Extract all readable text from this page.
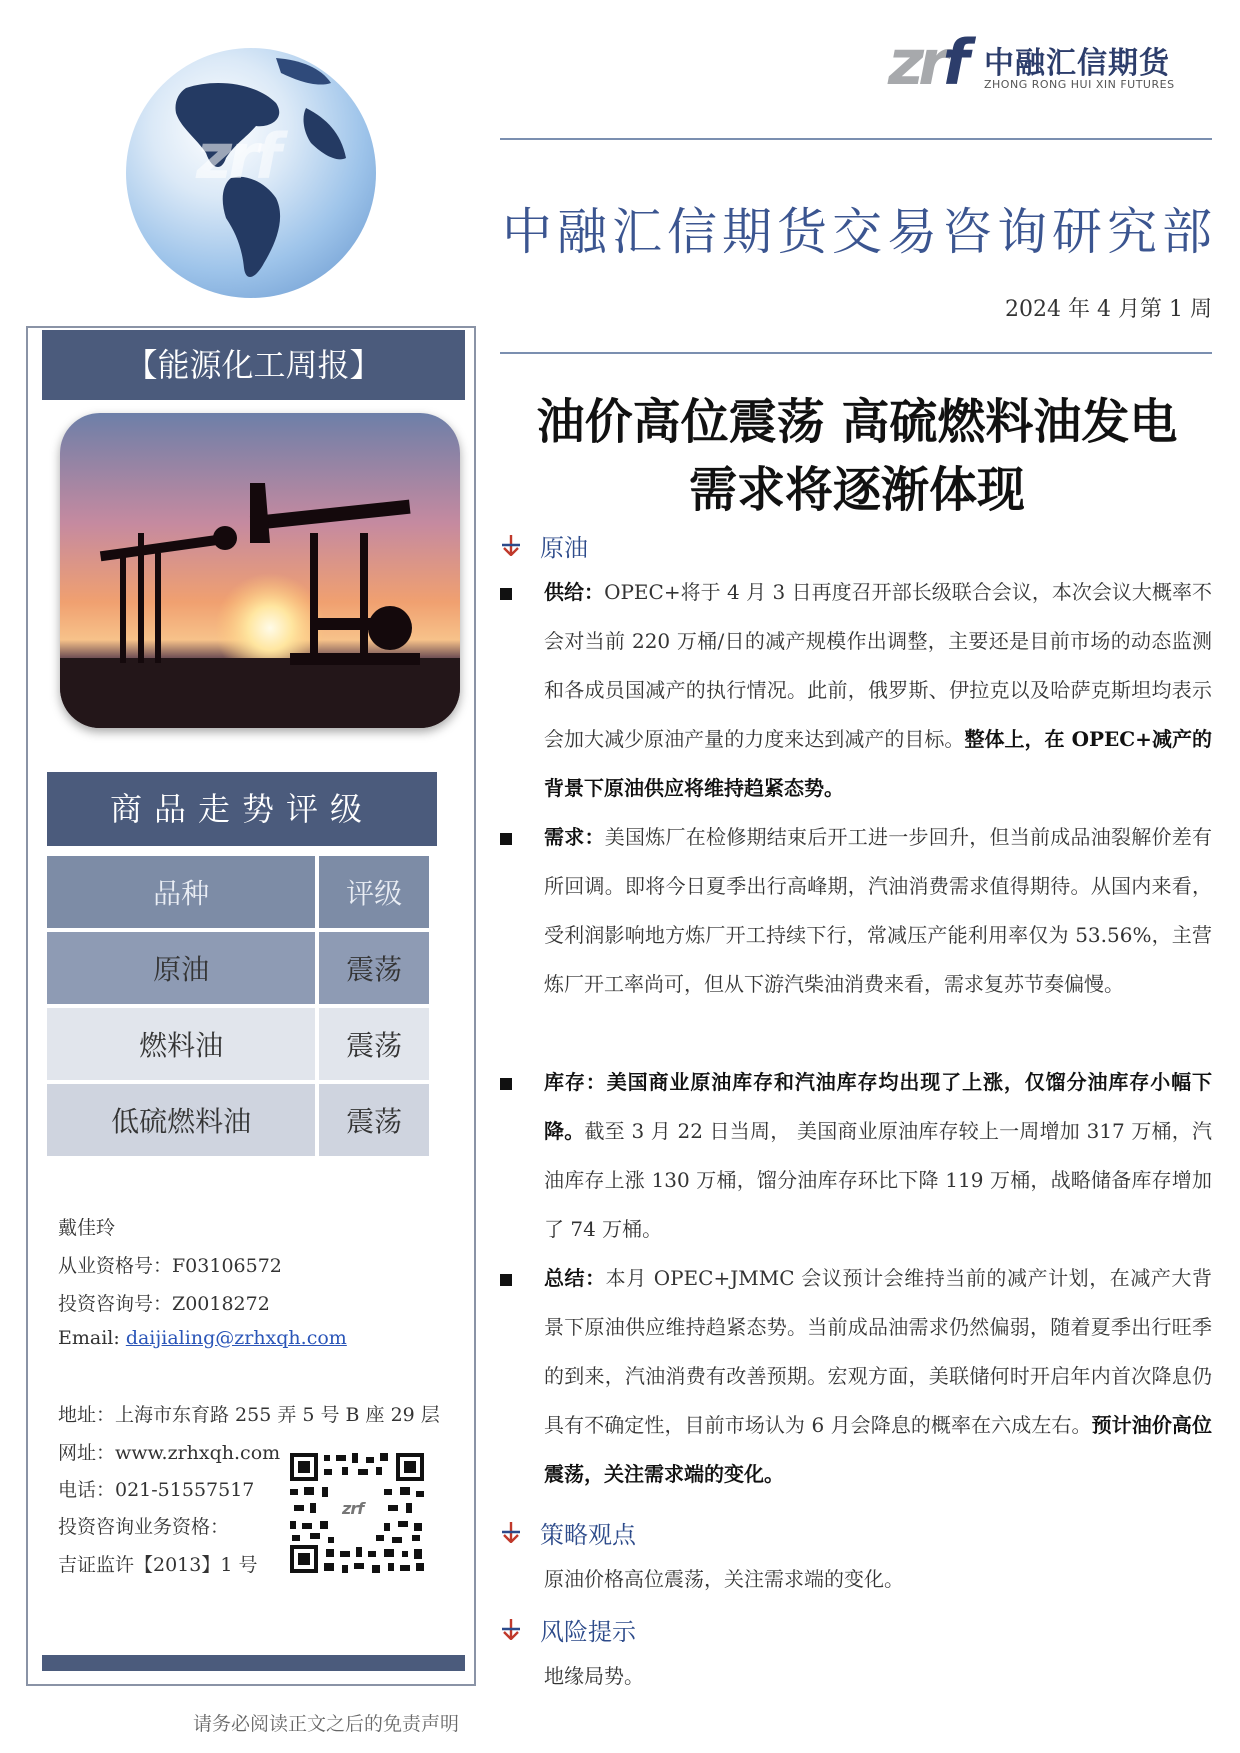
zrf
zrf 中融汇信期货
ZHONG RONG HUI XIN FUTURES
中融汇信期货交易咨询研究部
2024 年 4 月第 1 周
【能源化工周报】
商品走势评级
品种	评级
原油	震荡
燃料油	震荡
低硫燃料油	震荡
戴佳玲
从业资格号：F03106572
投资咨询号：Z0018272
Email: daijialing@zrhxqh.com
地址：上海市东育路 255 弄 5 号 B 座 29 层
网址：www.zrhxqh.com
电话：021-51557517
投资咨询业务资格：
吉证监许【2013】1 号
zrf
请务必阅读正文之后的免责声明
油价高位震荡 高硫燃料油发电
需求将逐渐体现
原油
供给：OPEC+将于 4 月 3 日再度召开部长级联合会议，本次会议大概率不会对当前 220 万桶/日的减产规模作出调整，主要还是目前市场的动态监测和各成员国减产的执行情况。此前，俄罗斯、伊拉克以及哈萨克斯坦均表示会加大减少原油产量的力度来达到减产的目标。整体上，在 OPEC+减产的背景下原油供应将维持趋紧态势。
需求：美国炼厂在检修期结束后开工进一步回升，但当前成品油裂解价差有所回调。即将今日夏季出行高峰期，汽油消费需求值得期待。从国内来看，受利润影响地方炼厂开工持续下行，常减压产能利用率仅为 53.56%，主营炼厂开工率尚可，但从下游汽柴油消费来看，需求复苏节奏偏慢。
库存：美国商业原油库存和汽油库存均出现了上涨，仅馏分油库存小幅下降。截至 3 月 22 日当周， 美国商业原油库存较上一周增加 317 万桶，汽油库存上涨 130 万桶，馏分油库存环比下降 119 万桶，战略储备库存增加了 74 万桶。
总结：本月 OPEC+JMMC 会议预计会维持当前的减产计划，在减产大背景下原油供应维持趋紧态势。当前成品油需求仍然偏弱，随着夏季出行旺季的到来，汽油消费有改善预期。宏观方面，美联储何时开启年内首次降息仍具有不确定性，目前市场认为 6 月会降息的概率在六成左右。预计油价高位震荡，关注需求端的变化。
策略观点
原油价格高位震荡，关注需求端的变化。
风险提示
地缘局势。
